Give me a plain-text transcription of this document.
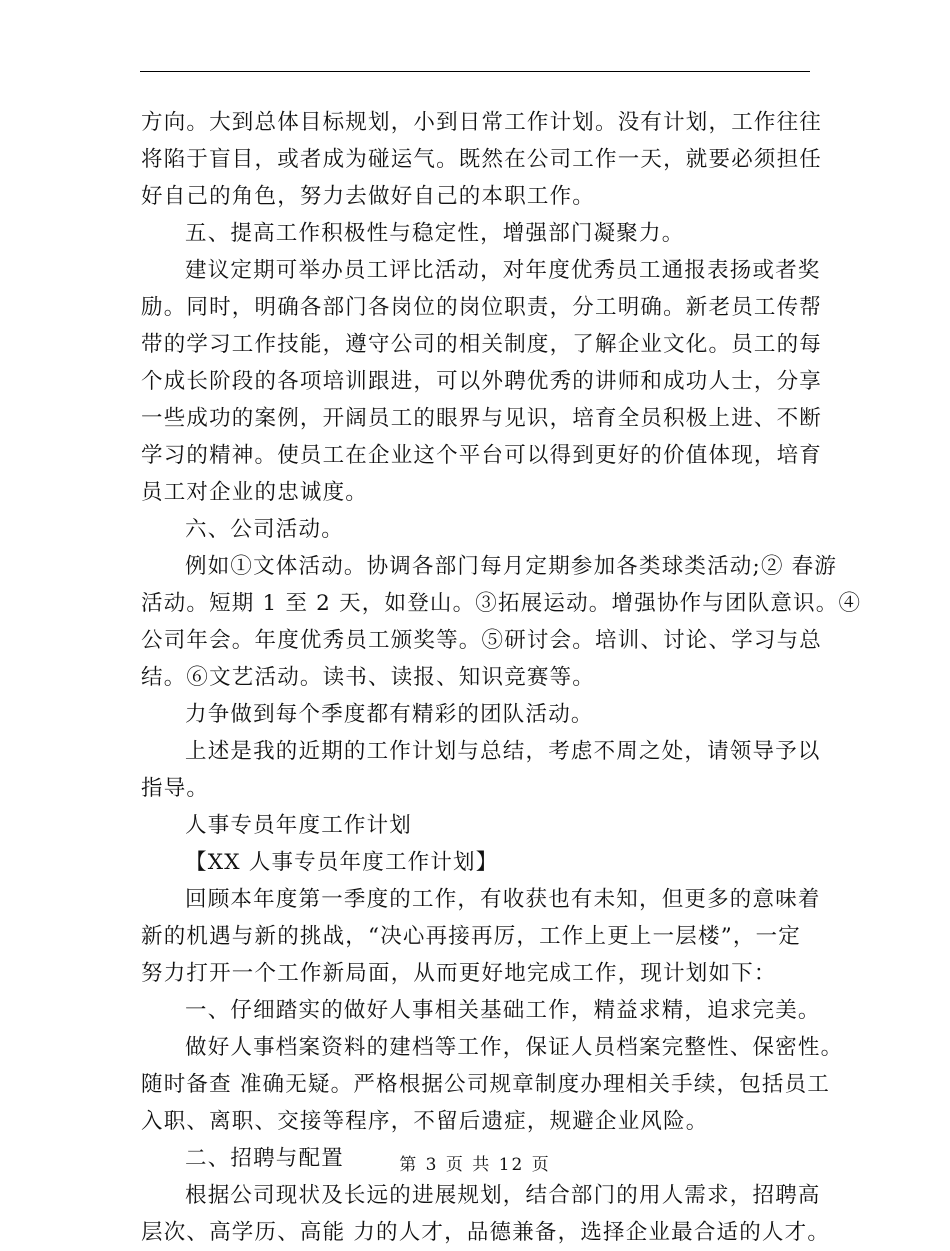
方向。大到总体目标规划，小到日常工作计划。没有计划，工作往往
将陷于盲目，或者成为碰运气。既然在公司工作一天，就要必须担任
好自己的角色，努力去做好自己的本职工作。
五、提高工作积极性与稳定性，增强部门凝聚力。
建议定期可举办员工评比活动，对年度优秀员工通报表扬或者奖
励。同时，明确各部门各岗位的岗位职责，分工明确。新老员工传帮
带的学习工作技能，遵守公司的相关制度，了解企业文化。员工的每
个成长阶段的各项培训跟进，可以外聘优秀的讲师和成功人士，分享
一些成功的案例，开阔员工的眼界与见识，培育全员积极上进、不断
学习的精神。使员工在企业这个平台可以得到更好的价值体现，培育
员工对企业的忠诚度。
六、公司活动。
例如①文体活动。协调各部门每月定期参加各类球类活动;② 春游
活动。短期 1 至 2 天，如登山。③拓展运动。增强协作与团队意识。④
公司年会。年度优秀员工颁奖等。⑤研讨会。培训、讨论、学习与总
结。⑥文艺活动。读书、读报、知识竞赛等。
力争做到每个季度都有精彩的团队活动。
上述是我的近期的工作计划与总结，考虑不周之处，请领导予以
指导。
人事专员年度工作计划
【XX 人事专员年度工作计划】
回顾本年度第一季度的工作，有收获也有未知，但更多的意味着
新的机遇与新的挑战，“决心再接再厉，工作上更上一层楼”，一定
努力打开一个工作新局面，从而更好地完成工作，现计划如下：
一、仔细踏实的做好人事相关基础工作，精益求精，追求完美。
做好人事档案资料的建档等工作，保证人员档案完整性、保密性。
随时备查 准确无疑。严格根据公司规章制度办理相关手续，包括员工
入职、离职、交接等程序，不留后遗症，规避企业风险。
二、招聘与配置
根据公司现状及长远的进展规划，结合部门的用人需求，招聘高
层次、高学历、高能 力的人才，品德兼备，选择企业最合适的人才。
第 3 页 共 12 页
